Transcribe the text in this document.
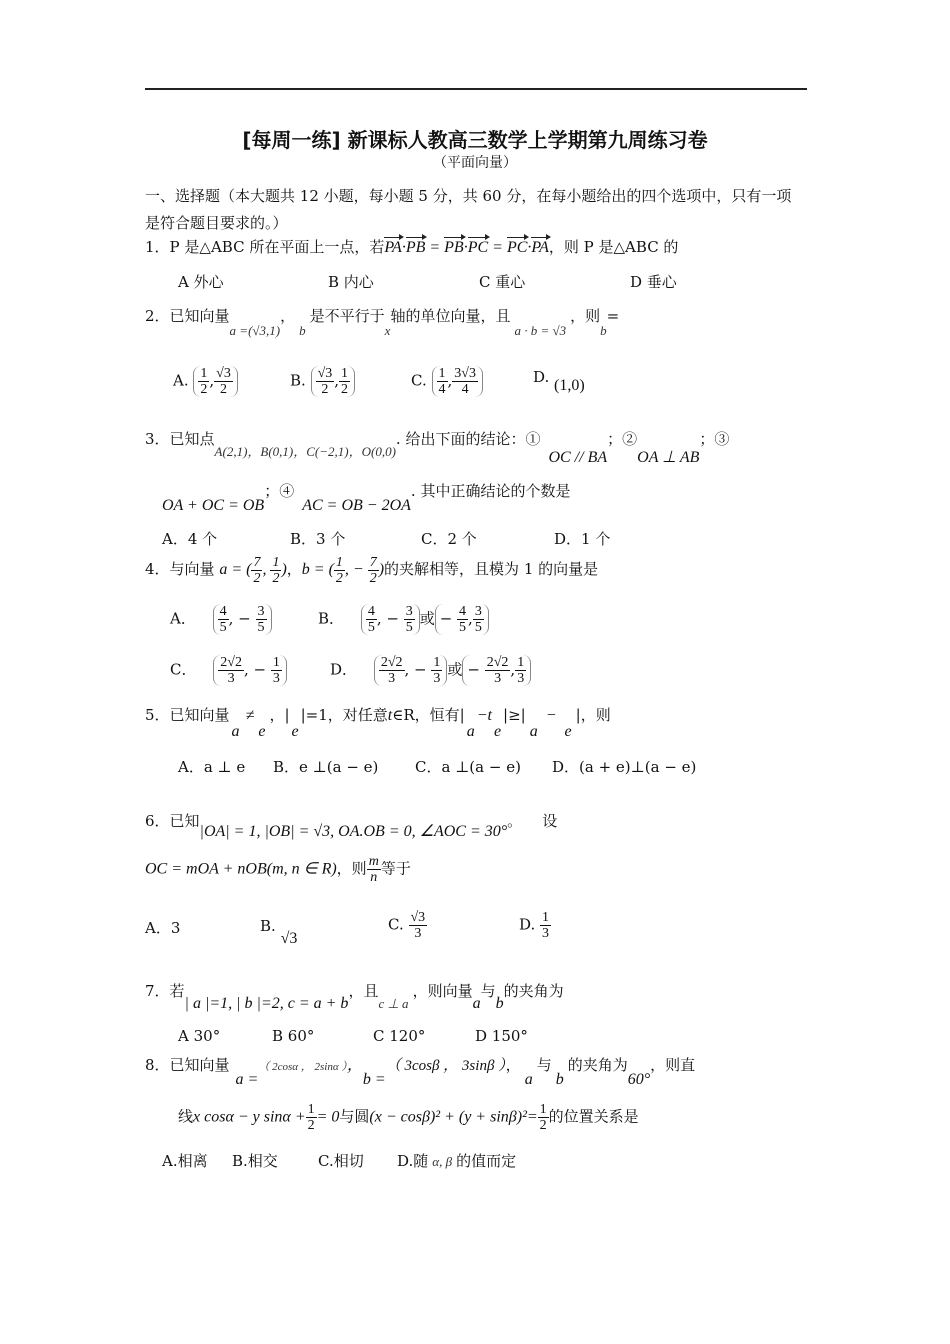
[每周一练] 新课标人教高三数学上学期第九周练习卷
（平面向量）
一、选择题（本大题共 12 小题，每小题 5 分，共 60 分，在每小题给出的四个选项中，只有一项
是符合题目要求的。）
1．P 是△ABC 所在平面上一点，若PA·PB = PB·PC = PC·PA，则 P 是△ABC 的
A 外心	B 内心	C 重心	D 垂心
2．已知向量a =(√3,1)，b是不平行于x轴的单位向量，且a · b = √3，则b=
A. $\frac{1}{2}$ , $\frac{√3}{2}$	B. $\frac{√3}{2}$ , $\frac{1}{2}$	C. $\frac{1}{4}$ , $\frac{3√3}{4}$	D. (1,0)
3．已知点A(2,1)，B(0,1)，C(−2,1)，O(0,0). 给出下面的结论：①OC // BA；②OA ⊥ AB；③
OA + OC = OB；④AC = OB − 2OA. 其中正确结论的个数是
A．4 个	B．3 个	C．2 个	D．1 个
4．与向量 a = ( $\frac{7}{2}$ , $\frac{1}{2}$ )，b = ( $\frac{1}{2}$ , − $\frac{7}{2}$ )的夹解相等，且模为 1 的向量是
A． $\frac{4}{5}$ , − $\frac{3}{5}$	B． $\frac{4}{5}$ , − $\frac{3}{5}$ 或− $\frac{4}{5}$ , $\frac{3}{5}$
C． $\frac{2√2}{3}$ , − $\frac{1}{3}$	D． $\frac{2√2}{3}$ , − $\frac{1}{3}$ 或− $\frac{2√2}{3}$ , $\frac{1}{3}$
5．已知向量a≠e，|e|=1，对任意t∈R，恒有|a−te|≥|a−e|，则
A．a ⊥ e B．e ⊥(a − e) C．a ⊥(a − e) D．(a + e)⊥(a − e)
6．已知|OA| = 1, |OB| = √3, OA.OB = 0, ∠AOC = 30°。 设
OC = mOA + nOB(m, n ∈ R)，则 $\frac{m}{n}$ 等于
A．3	B. √3
C. $\frac{√3}{3}$	D. $\frac{1}{3}$
7．若| a |=1, | b |=2, c = a + b，且c ⊥ a，则向量a与b的夹角为
A 30°	B 60°	C 120°	D 150°
8．已知向量a =（ 2cosα ， 2sinα ），b =（ 3cosβ ， 3sinβ ），a与b的夹角为60°，则直
线x cosα − y $\sin\alpha + \frac{1}{2} = 0$与圆$(x - \cos\beta)^2 + (y + \sin\beta)^2= \frac{1}{2}$ 的位置关系是
A.相离 B.相交	C.相切 D.随 α, β 的值而定
